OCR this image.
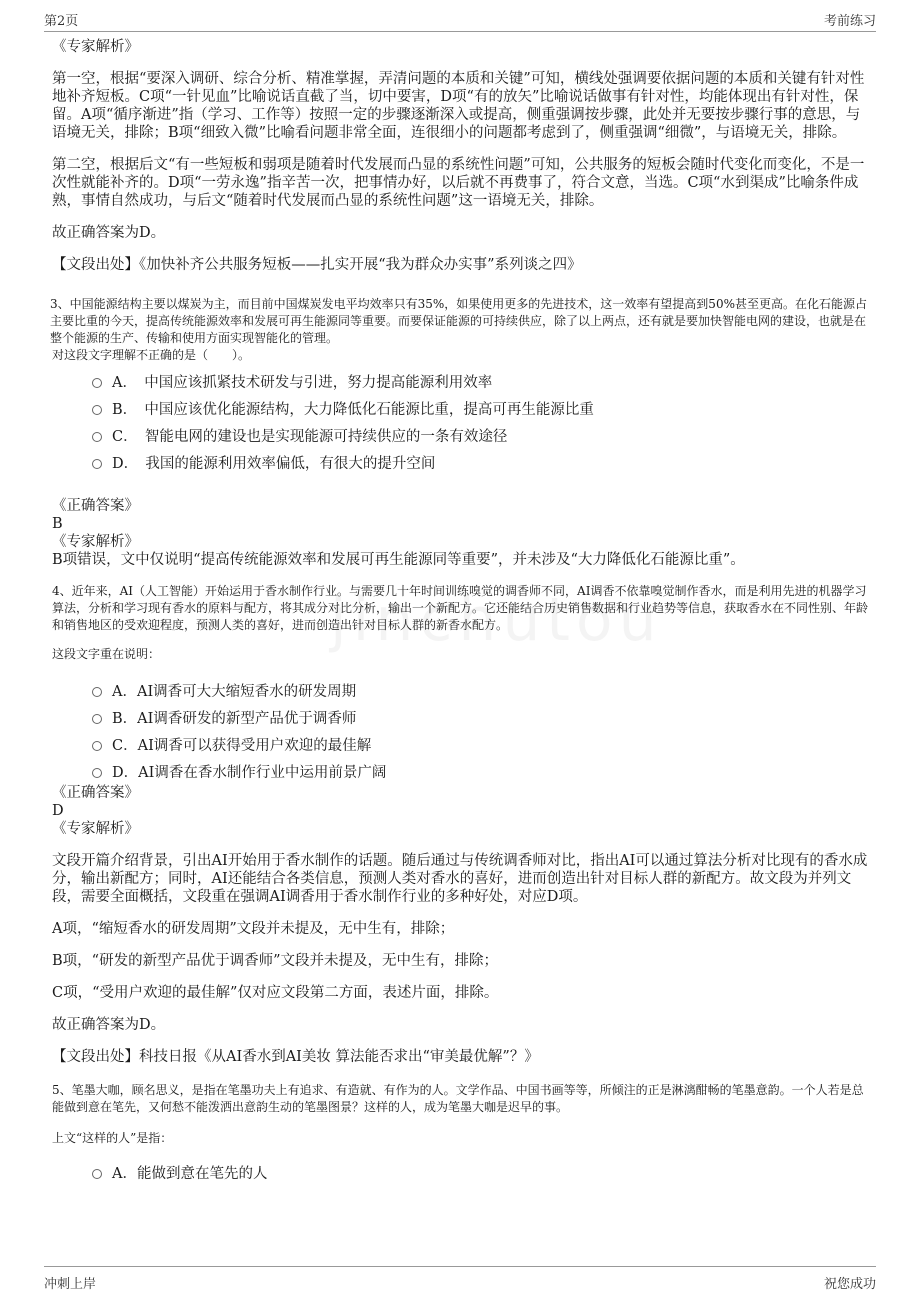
第2页	考前练习

《专家解析》

第一空，根据“要深入调研、综合分析、精准掌握，弄清问题的本质和关键”可知，横线处强调要依据问题的本质和关键有针对性地补齐短板。C项“一针见血”比喻说话直截了当，切中要害，D项“有的放矢”比喻说话做事有针对性，均能体现出有针对性，保留。A项“循序渐进”指（学习、工作等）按照一定的步骤逐渐深入或提高，侧重强调按步骤，此处并无要按步骤行事的意思，与语境无关，排除；B项“细致入微”比喻看问题非常全面，连很细小的问题都考虑到了，侧重强调“细微”，与语境无关，排除。

第二空，根据后文“有一些短板和弱项是随着时代发展而凸显的系统性问题”可知，公共服务的短板会随时代变化而变化，不是一次性就能补齐的。D项“一劳永逸”指辛苦一次，把事情办好，以后就不再费事了，符合文意，当选。C项“水到渠成”比喻条件成熟，事情自然成功，与后文“随着时代发展而凸显的系统性问题”这一语境无关，排除。

故正确答案为D。

【文段出处】《加快补齐公共服务短板——扎实开展“我为群众办实事”系列谈之四》

3、中国能源结构主要以煤炭为主，而目前中国煤炭发电平均效率只有35%，如果使用更多的先进技术，这一效率有望提高到50%甚至更高。在化石能源占主要比重的今天，提高传统能源效率和发展可再生能源同等重要。而要保证能源的可持续供应，除了以上两点，还有就是要加快智能电网的建设，也就是在整个能源的生产、传输和使用方面实现智能化的管理。

对这段文字理解不正确的是（　　）。

A．　中国应该抓紧技术研发与引进，努力提高能源利用效率
B．　中国应该优化能源结构，大力降低化石能源比重，提高可再生能源比重
C．　智能电网的建设也是实现能源可持续供应的一条有效途径
D．　我国的能源利用效率偏低，有很大的提升空间

《正确答案》

B

《专家解析》

B项错误，文中仅说明“提高传统能源效率和发展可再生能源同等重要”，并未涉及“大力降低化石能源比重”。

4、近年来，AI（人工智能）开始运用于香水制作行业。与需要几十年时间训练嗅觉的调香师不同，AI调香不依靠嗅觉制作香水，而是利用先进的机器学习算法，分析和学习现有香水的原料与配方，将其成分对比分析，输出一个新配方。它还能结合历史销售数据和行业趋势等信息，获取香水在不同性别、年龄和销售地区的受欢迎程度，预测人类的喜好，进而创造出针对目标人群的新香水配方。

这段文字重在说明：

A．AI调香可大大缩短香水的研发周期
B．AI调香研发的新型产品优于调香师
C．AI调香可以获得受用户欢迎的最佳解
D．AI调香在香水制作行业中运用前景广阔

《正确答案》

D

《专家解析》

文段开篇介绍背景，引出AI开始用于香水制作的话题。随后通过与传统调香师对比，指出AI可以通过算法分析对比现有的香水成分，输出新配方；同时，AI还能结合各类信息，预测人类对香水的喜好，进而创造出针对目标人群的新配方。故文段为并列文段，需要全面概括，文段重在强调AI调香用于香水制作行业的多种好处，对应D项。

A项，“缩短香水的研发周期”文段并未提及，无中生有，排除；

B项，“研发的新型产品优于调香师”文段并未提及，无中生有，排除；

C项，“受用户欢迎的最佳解”仅对应文段第二方面，表述片面，排除。

故正确答案为D。

【文段出处】科技日报《从AI香水到AI美妆 算法能否求出“审美最优解”？》

5、笔墨大咖，顾名思义，是指在笔墨功夫上有追求、有造就、有作为的人。文学作品、中国书画等等，所倾注的正是淋漓酣畅的笔墨意韵。一个人若是总能做到意在笔先，又何愁不能泼洒出意韵生动的笔墨图景？这样的人，成为笔墨大咖是迟早的事。

上文“这样的人”是指：

A．能做到意在笔先的人
冲刺上岸	祝您成功
